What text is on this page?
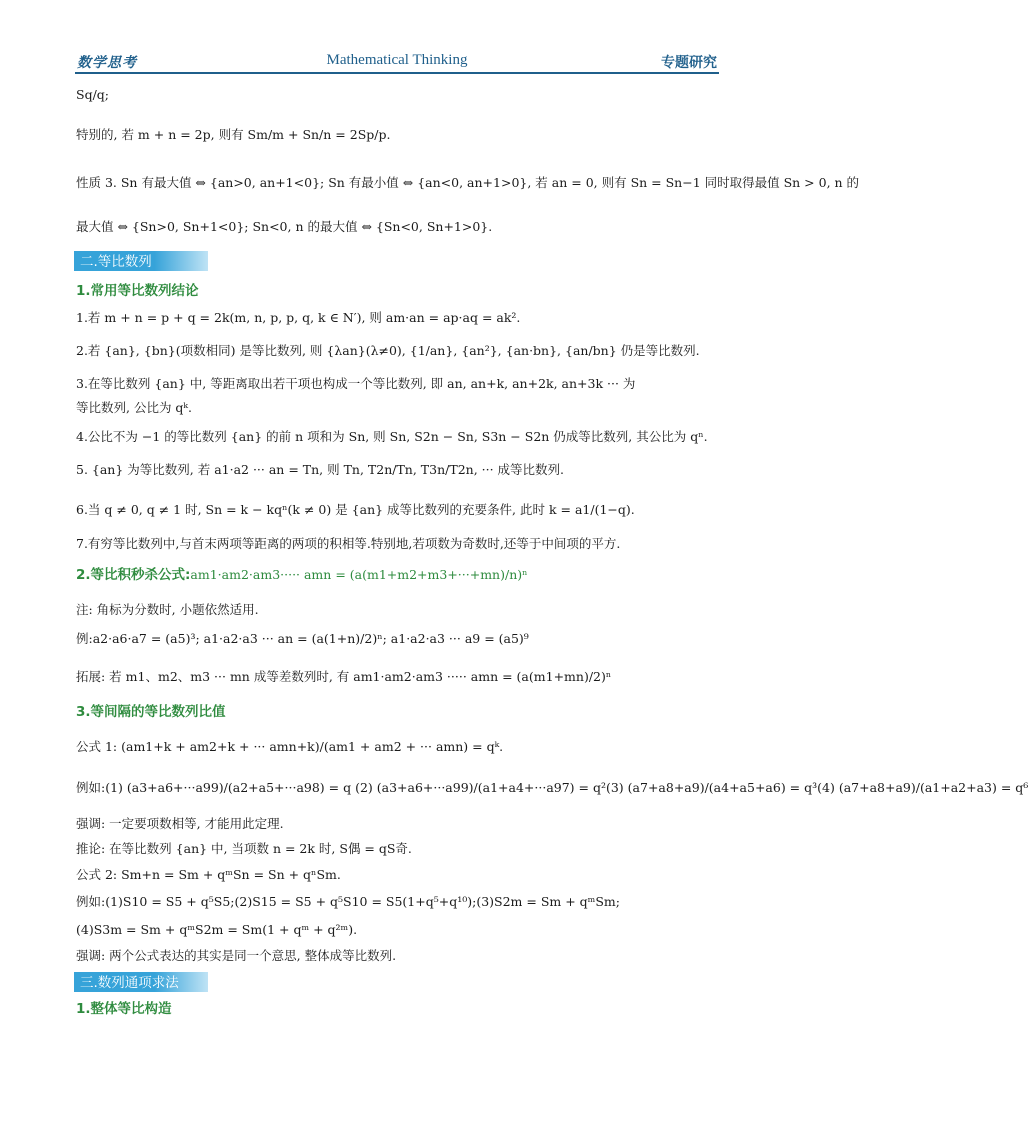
数学思考	Mathematical Thinking	专题研究
Sq/q;
特别的, 若 m + n = 2p, 则有 Sm/m + Sn/n = 2Sp/p.
性质 3. Sn 有最大值 ⇔ {an>0, an+1<0}; Sn 有最小值 ⇔ {an<0, an+1>0}, 若 an = 0, 则有 Sn = Sn−1 同时取得最值 Sn > 0, n 的
最大值 ⇔ {Sn>0, Sn+1<0}; Sn<0, n 的最大值 ⇔ {Sn<0, Sn+1>0}.
二.等比数列
1.常用等比数列结论
1.若 m + n = p + q = 2k(m, n, p, p, q, k ∈ N′), 则 am·an = ap·aq = ak².
2.若 {an}, {bn}(项数相同) 是等比数列, 则 {λan}(λ≠0), {1/an}, {an²}, {an·bn}, {an/bn} 仍是等比数列.
3.在等比数列 {an} 中, 等距离取出若干项也构成一个等比数列, 即 an, an+k, an+2k, an+3k ··· 为
等比数列, 公比为 qᵏ.
4.公比不为 −1 的等比数列 {an} 的前 n 项和为 Sn, 则 Sn, S2n − Sn, S3n − S2n 仍成等比数列, 其公比为 qⁿ.
5. {an} 为等比数列, 若 a1·a2 ··· an = Tn, 则 Tn, T2n/Tn, T3n/T2n, ··· 成等比数列.
6.当 q ≠ 0, q ≠ 1 时, Sn = k − kqⁿ(k ≠ 0) 是 {an} 成等比数列的充要条件, 此时 k = a1/(1−q).
7.有穷等比数列中,与首末两项等距离的两项的积相等.特别地,若项数为奇数时,还等于中间项的平方.
2.等比积秒杀公式:am1·am2·am3····· amn = (a(m1+m2+m3+···+mn)/n)ⁿ
注: 角标为分数时, 小题依然适用.
例:a2·a6·a7 = (a5)³; a1·a2·a3 ··· an = (a(1+n)/2)ⁿ; a1·a2·a3 ··· a9 = (a5)⁹
拓展: 若 m1、m2、m3 ··· mn 成等差数列时, 有 am1·am2·am3 ····· amn = (a(m1+mn)/2)ⁿ
3.等间隔的等比数列比值
公式 1: (am1+k + am2+k + ··· amn+k)/(am1 + am2 + ··· amn) = qᵏ.
例如:(1) (a3+a6+···a99)/(a2+a5+···a98) = q (2) (a3+a6+···a99)/(a1+a4+···a97) = q²(3) (a7+a8+a9)/(a4+a5+a6) = q³(4) (a7+a8+a9)/(a1+a2+a3) = q⁶
强调: 一定要项数相等, 才能用此定理.
推论: 在等比数列 {an} 中, 当项数 n = 2k 时, S偶 = qS奇.
公式 2: Sm+n = Sm + qᵐSn = Sn + qⁿSm.
例如:(1)S10 = S5 + q⁵S5;(2)S15 = S5 + q⁵S10 = S5(1+q⁵+q¹⁰);(3)S2m = Sm + qᵐSm;
(4)S3m = Sm + qᵐS2m = Sm(1 + qᵐ + q²ᵐ).
强调: 两个公式表达的其实是同一个意思, 整体成等比数列.
三.数列通项求法
1.整体等比构造
